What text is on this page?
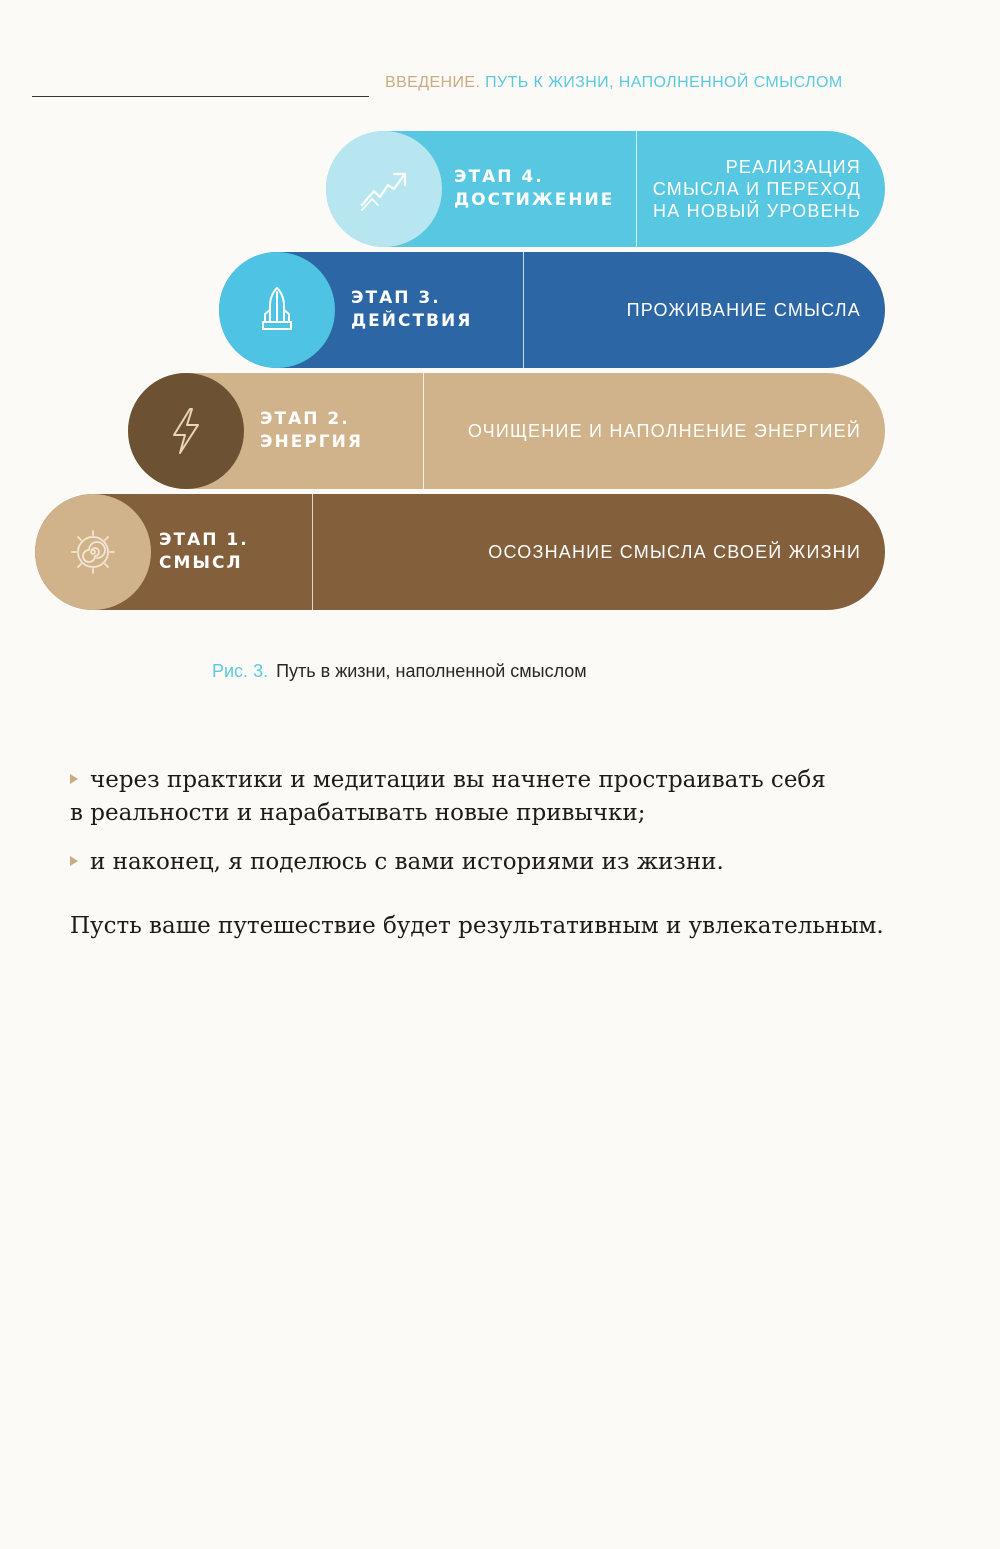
ВВЕДЕНИЕ. ПУТЬ К ЖИЗНИ, НАПОЛНЕННОЙ СМЫСЛОМ
ЭТАП 4.
ДОСТИЖЕНИЕ
РЕАЛИЗАЦИЯ
СМЫСЛА И ПЕРЕХОД
НА НОВЫЙ УРОВЕНЬ
ЭТАП 3.
ДЕЙСТВИЯ
ПРОЖИВАНИЕ СМЫСЛА
ЭТАП 2.
ЭНЕРГИЯ
ОЧИЩЕНИЕ И НАПОЛНЕНИЕ ЭНЕРГИЕЙ
ЭТАП 1.
СМЫСЛ
ОСОЗНАНИЕ СМЫСЛА СВОЕЙ ЖИЗНИ
Рис. 3. Путь в жизни, наполненной смыслом
через практики и медитации вы начнете простраивать себя
в реальности и нарабатывать новые привычки;
и наконец, я поделюсь с вами историями из жизни.
Пусть ваше путешествие будет результативным и увлекательным.
